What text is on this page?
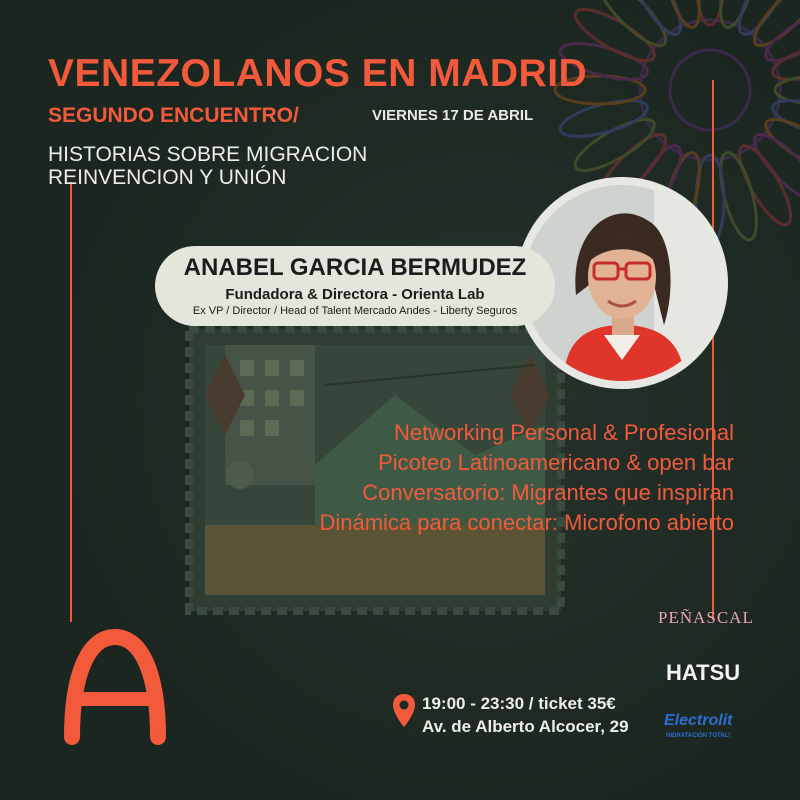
VENEZOLANOS EN MADRID
SEGUNDO ENCUENTRO/	VIERNES 17 DE ABRIL
HISTORIAS SOBRE MIGRACION
REINVENCION Y UNIÓN
ANABEL GARCIA BERMUDEZ
Fundadora & Directora - Orienta Lab
Ex VP / Director / Head of Talent Mercado Andes - Liberty Seguros
Networking Personal & Profesional
Picoteo Latinoamericano & open bar
Conversatorio: Migrantes que inspiran
Dinámica para conectar: Microfono abierto
19:00 - 23:30 / ticket 35€
Av. de Alberto Alcocer, 29
PEÑASCAL
HATSU
Electrolit
HIDRATACIÓN TOTAL!
